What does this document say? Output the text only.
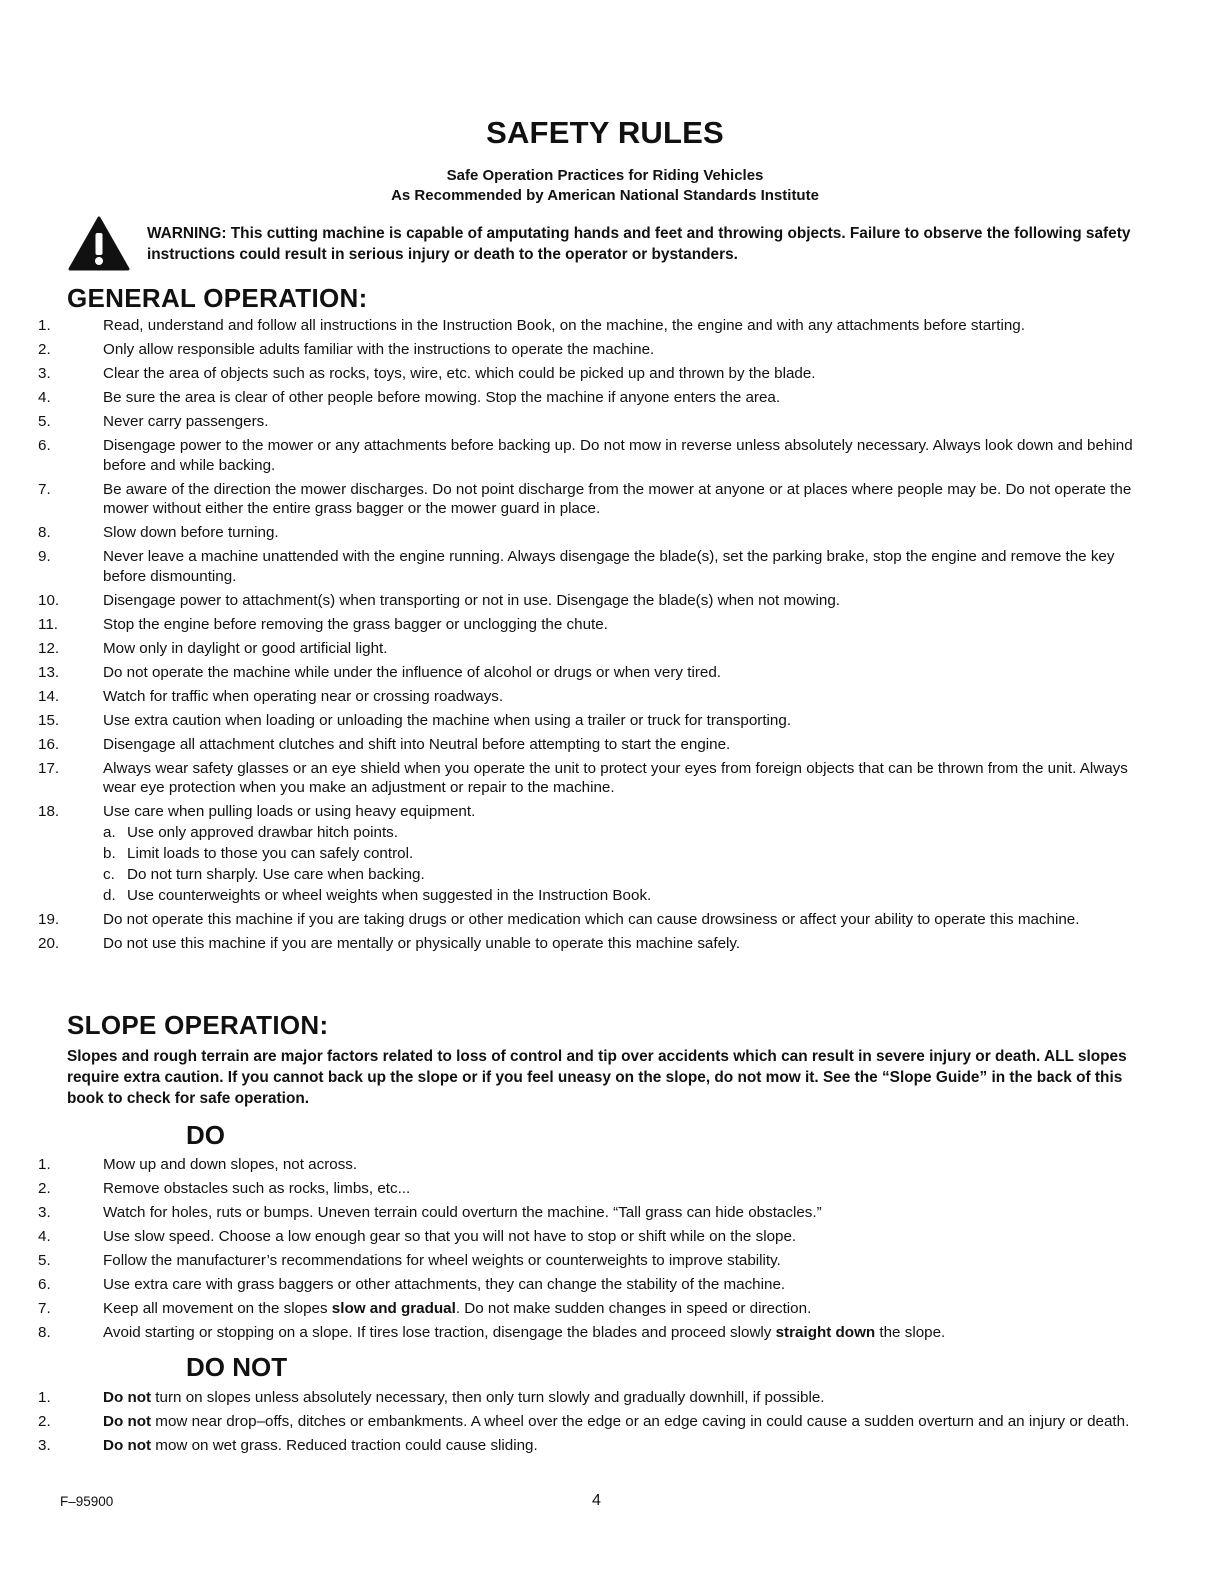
SAFETY RULES
Safe Operation Practices for Riding Vehicles
As Recommended by American National Standards Institute
WARNING: This cutting machine is capable of amputating hands and feet and throwing objects. Failure to observe the following safety instructions could result in serious injury or death to the operator or bystanders.
GENERAL OPERATION:
1.	Read, understand and follow all instructions in the Instruction Book, on the machine, the engine and with any attachments before starting.
2.	Only allow responsible adults familiar with the instructions to operate the machine.
3.	Clear the area of objects such as rocks, toys, wire, etc. which could be picked up and thrown by the blade.
4.	Be sure the area is clear of other people before mowing. Stop the machine if anyone enters the area.
5.	Never carry passengers.
6.	Disengage power to the mower or any attachments before backing up. Do not mow in reverse unless absolutely necessary. Always look down and behind before and while backing.
7.	Be aware of the direction the mower discharges. Do not point discharge from the mower at anyone or at places where people may be. Do not operate the mower without either the entire grass bagger or the mower guard in place.
8.	Slow down before turning.
9.	Never leave a machine unattended with the engine running. Always disengage the blade(s), set the parking brake, stop the engine and remove the key before dismounting.
10.	Disengage power to attachment(s) when transporting or not in use. Disengage the blade(s) when not mowing.
11.	Stop the engine before removing the grass bagger or unclogging the chute.
12.	Mow only in daylight or good artificial light.
13.	Do not operate the machine while under the influence of alcohol or drugs or when very tired.
14.	Watch for traffic when operating near or crossing roadways.
15.	Use extra caution when loading or unloading the machine when using a trailer or truck for transporting.
16.	Disengage all attachment clutches and shift into Neutral before attempting to start the engine.
17.	Always wear safety glasses or an eye shield when you operate the unit to protect your eyes from foreign objects that can be thrown from the unit. Always wear eye protection when you make an adjustment or repair to the machine.
18.	Use care when pulling loads or using heavy equipment.
a. Use only approved drawbar hitch points.
b. Limit loads to those you can safely control.
c. Do not turn sharply. Use care when backing.
d. Use counterweights or wheel weights when suggested in the Instruction Book.
19.	Do not operate this machine if you are taking drugs or other medication which can cause drowsiness or affect your ability to operate this machine.
20.	Do not use this machine if you are mentally or physically unable to operate this machine safely.
SLOPE OPERATION:
Slopes and rough terrain are major factors related to loss of control and tip over accidents which can result in severe injury or death. ALL slopes require extra caution. If you cannot back up the slope or if you feel uneasy on the slope, do not mow it. See the “Slope Guide” in the back of this book to check for safe operation.
DO
1.	Mow up and down slopes, not across.
2.	Remove obstacles such as rocks, limbs, etc...
3.	Watch for holes, ruts or bumps. Uneven terrain could overturn the machine. “Tall grass can hide obstacles.”
4.	Use slow speed. Choose a low enough gear so that you will not have to stop or shift while on the slope.
5.	Follow the manufacturer’s recommendations for wheel weights or counterweights to improve stability.
6.	Use extra care with grass baggers or other attachments, they can change the stability of the machine.
7.	Keep all movement on the slopes slow and gradual. Do not make sudden changes in speed or direction.
8.	Avoid starting or stopping on a slope. If tires lose traction, disengage the blades and proceed slowly straight down the slope.
DO NOT
1.	Do not turn on slopes unless absolutely necessary, then only turn slowly and gradually downhill, if possible.
2.	Do not mow near drop–offs, ditches or embankments. A wheel over the edge or an edge caving in could cause a sudden overturn and an injury or death.
3.	Do not mow on wet grass. Reduced traction could cause sliding.
F–95900	4
